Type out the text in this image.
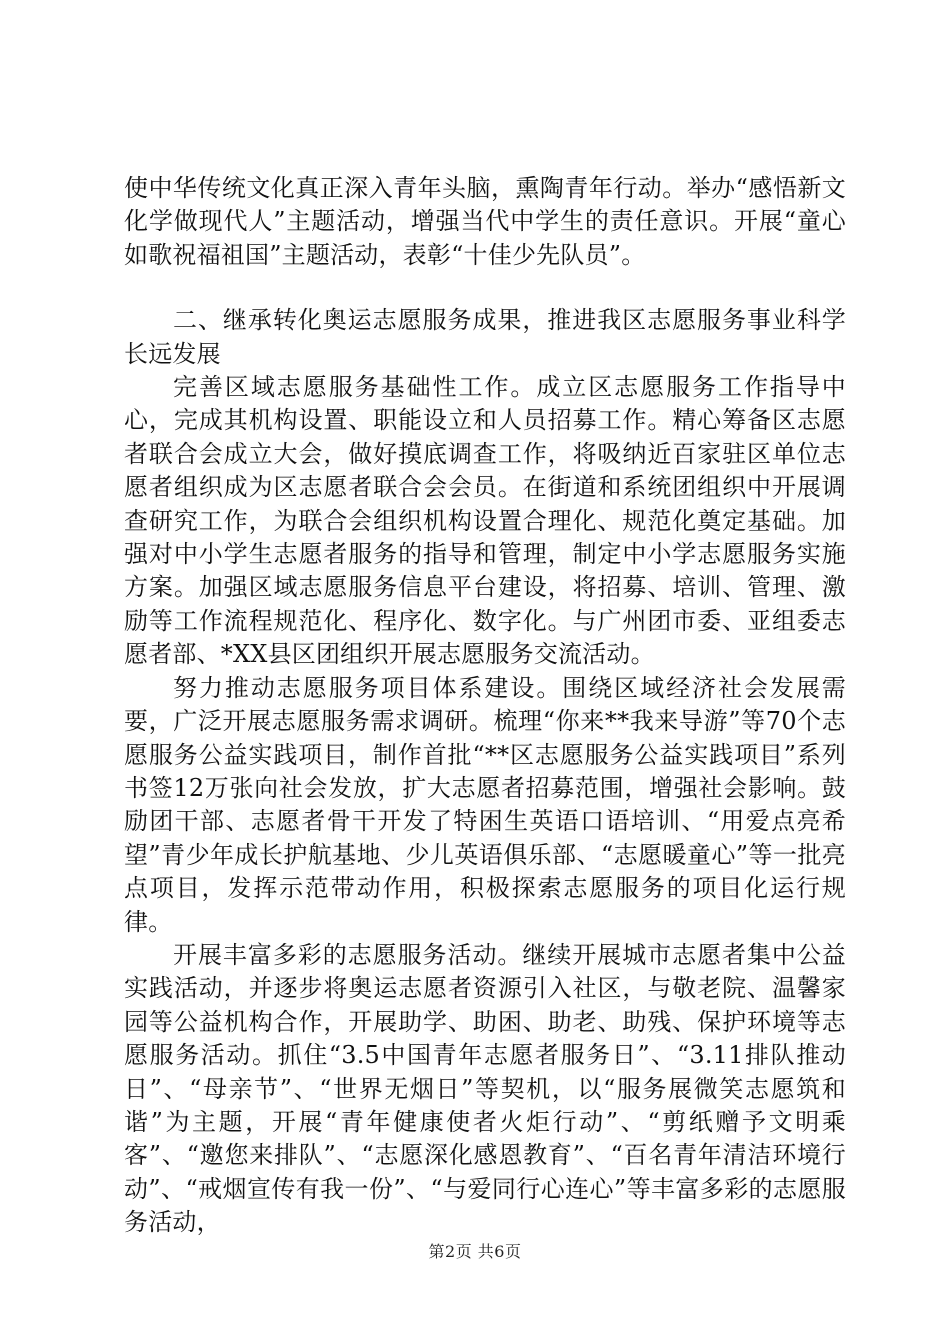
使中华传统文化真正深入青年头脑，熏陶青年行动。举办“感悟新文化学做现代人”主题活动，增强当代中学生的责任意识。开展“童心如歌祝福祖国”主题活动，表彰“十佳少先队员”。

二、继承转化奥运志愿服务成果，推进我区志愿服务事业科学长远发展

完善区域志愿服务基础性工作。成立区志愿服务工作指导中心，完成其机构设置、职能设立和人员招募工作。精心筹备区志愿者联合会成立大会，做好摸底调查工作，将吸纳近百家驻区单位志愿者组织成为区志愿者联合会会员。在街道和系统团组织中开展调查研究工作，为联合会组织机构设置合理化、规范化奠定基础。加强对中小学生志愿者服务的指导和管理，制定中小学志愿服务实施方案。加强区域志愿服务信息平台建设，将招募、培训、管理、激励等工作流程规范化、程序化、数字化。与广州团市委、亚组委志愿者部、*XX县区团组织开展志愿服务交流活动。

努力推动志愿服务项目体系建设。围绕区域经济社会发展需要，广泛开展志愿服务需求调研。梳理“你来**我来导游”等70个志愿服务公益实践项目，制作首批“**区志愿服务公益实践项目”系列书签12万张向社会发放，扩大志愿者招募范围，增强社会影响。鼓励团干部、志愿者骨干开发了特困生英语口语培训、“用爱点亮希望”青少年成长护航基地、少儿英语俱乐部、“志愿暖童心”等一批亮点项目，发挥示范带动作用，积极探索志愿服务的项目化运行规律。

开展丰富多彩的志愿服务活动。继续开展城市志愿者集中公益实践活动，并逐步将奥运志愿者资源引入社区，与敬老院、温馨家园等公益机构合作，开展助学、助困、助老、助残、保护环境等志愿服务活动。抓住“3.5中国青年志愿者服务日”、“3.11排队推动日”、“母亲节”、“世界无烟日”等契机，以“服务展微笑志愿筑和谐”为主题，开展“青年健康使者火炬行动”、“剪纸赠予文明乘客”、“邀您来排队”、“志愿深化感恩教育”、“百名青年清洁环境行动”、“戒烟宣传有我一份”、“与爱同行心连心”等丰富多彩的志愿服务活动，

第2页 共6页
